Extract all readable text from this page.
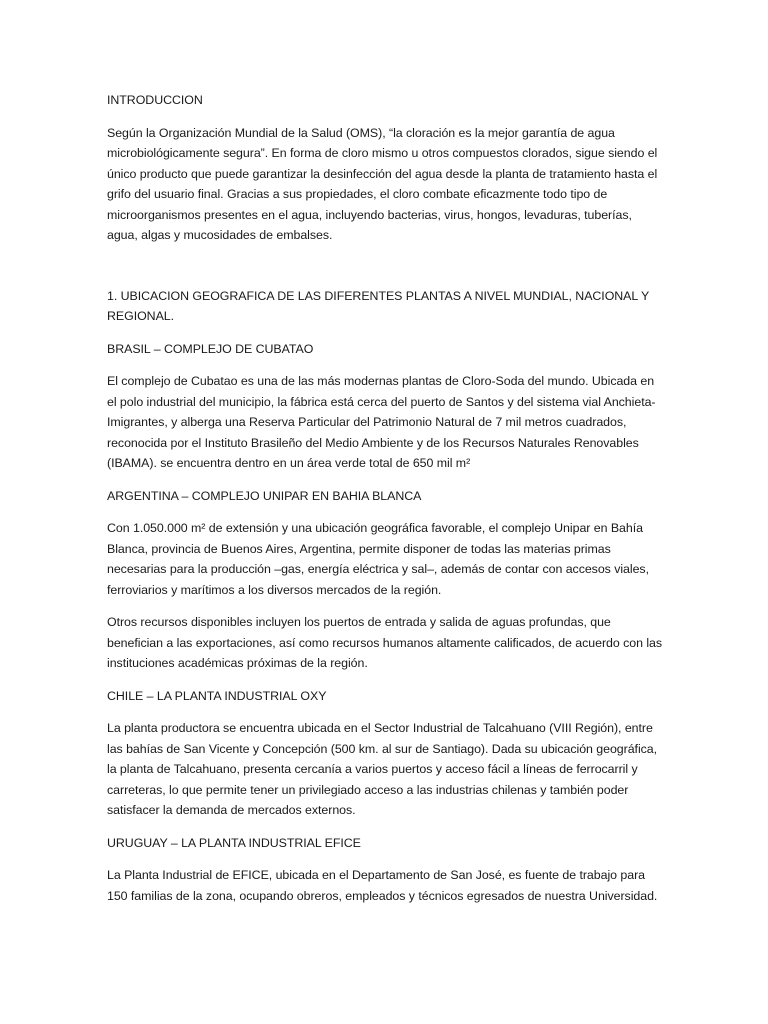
INTRODUCCION

Según la Organización Mundial de la Salud (OMS), “la cloración es la mejor garantía de agua microbiológicamente segura”. En forma de cloro mismo u otros compuestos clorados, sigue siendo el único producto que puede garantizar la desinfección del agua desde la planta de tratamiento hasta el grifo del usuario final. Gracias a sus propiedades, el cloro combate eficazmente todo tipo de microorganismos presentes en el agua, incluyendo bacterias, virus, hongos, levaduras, tuberías, agua, algas y mucosidades de embalses.

1. UBICACION GEOGRAFICA DE LAS DIFERENTES PLANTAS A NIVEL MUNDIAL, NACIONAL Y REGIONAL.

BRASIL – COMPLEJO DE CUBATAO

El complejo de Cubatao es una de las más modernas plantas de Cloro-Soda del mundo. Ubicada en el polo industrial del municipio, la fábrica está cerca del puerto de Santos y del sistema vial Anchieta-Imigrantes, y alberga una Reserva Particular del Patrimonio Natural de 7 mil metros cuadrados, reconocida por el Instituto Brasileño del Medio Ambiente y de los Recursos Naturales Renovables (IBAMA). se encuentra dentro en un área verde total de 650 mil m²

ARGENTINA – COMPLEJO UNIPAR EN BAHIA BLANCA

Con 1.050.000 m² de extensión y una ubicación geográfica favorable, el complejo Unipar en Bahía Blanca, provincia de Buenos Aires, Argentina, permite disponer de todas las materias primas necesarias para la producción –gas, energía eléctrica y sal–, además de contar con accesos viales, ferroviarios y marítimos a los diversos mercados de la región.

Otros recursos disponibles incluyen los puertos de entrada y salida de aguas profundas, que benefician a las exportaciones, así como recursos humanos altamente calificados, de acuerdo con las instituciones académicas próximas de la región.

CHILE – LA PLANTA INDUSTRIAL OXY

La planta productora se encuentra ubicada en el Sector Industrial de Talcahuano (VIII Región), entre las bahías de San Vicente y Concepción (500 km. al sur de Santiago). Dada su ubicación geográfica, la planta de Talcahuano, presenta cercanía a varios puertos y acceso fácil a líneas de ferrocarril y carreteras, lo que permite tener un privilegiado acceso a las industrias chilenas y también poder satisfacer la demanda de mercados externos.

URUGUAY – LA PLANTA INDUSTRIAL EFICE

La Planta Industrial de EFICE, ubicada en el Departamento de San José, es fuente de trabajo para 150 familias de la zona, ocupando obreros, empleados y técnicos egresados de nuestra Universidad.
